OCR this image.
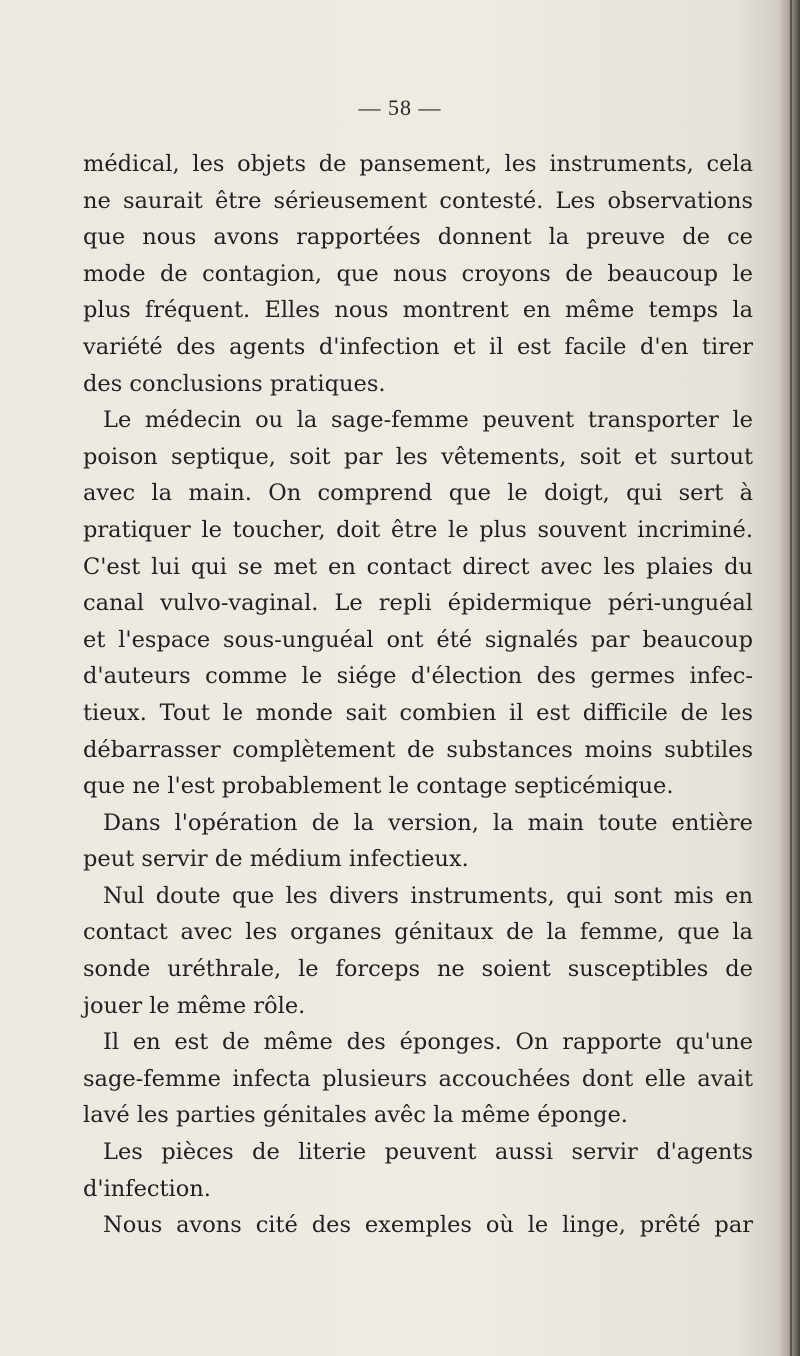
— 58 —
médical, les objets de pansement, les instruments, cela
ne saurait être sérieusement contesté. Les observations
que nous avons rapportées donnent la preuve de ce
mode de contagion, que nous croyons de beaucoup le
plus fréquent. Elles nous montrent en même temps la
variété des agents d'infection et il est facile d'en tirer
des conclusions pratiques.
Le médecin ou la sage-femme peuvent transporter le
poison septique, soit par les vêtements, soit et surtout
avec la main. On comprend que le doigt, qui sert à
pratiquer le toucher, doit être le plus souvent incriminé.
C'est lui qui se met en contact direct avec les plaies du
canal vulvo-vaginal. Le repli épidermique péri-unguéal
et l'espace sous-unguéal ont été signalés par beaucoup
d'auteurs comme le siége d'élection des germes infec-
tieux. Tout le monde sait combien il est difficile de les
débarrasser complètement de substances moins subtiles
que ne l'est probablement le contage septicémique.
Dans l'opération de la version, la main toute entière
peut servir de médium infectieux.
Nul doute que les divers instruments, qui sont mis en
contact avec les organes génitaux de la femme, que la
sonde uréthrale, le forceps ne soient susceptibles de
jouer le même rôle.
Il en est de même des éponges. On rapporte qu'une
sage-femme infecta plusieurs accouchées dont elle avait
lavé les parties génitales avêc la même éponge.
Les pièces de literie peuvent aussi servir d'agents
d'infection.
Nous avons cité des exemples où le linge, prêté par
